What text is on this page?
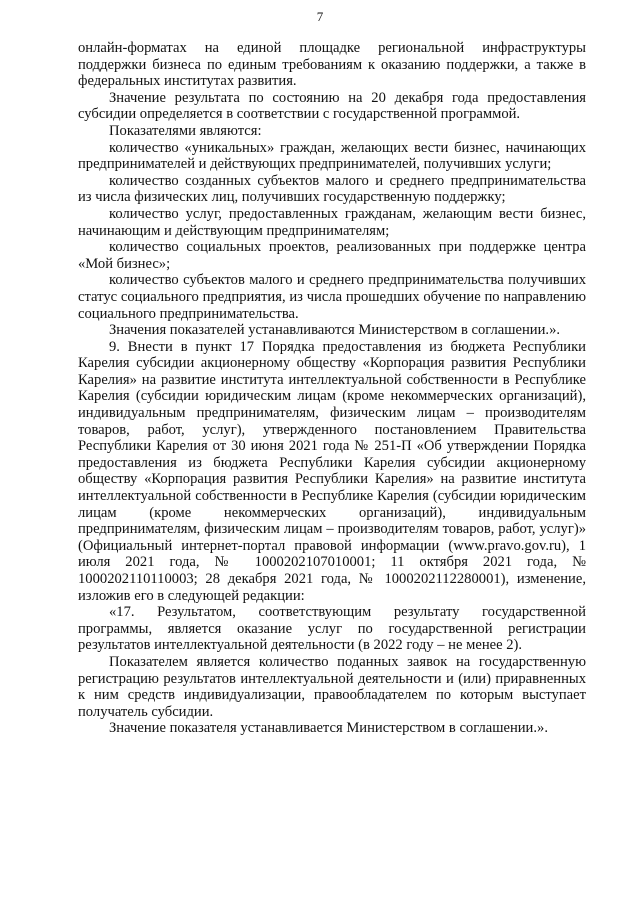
7

онлайн-форматах на единой площадке региональной инфраструктуры поддержки бизнеса по единым требованиям к оказанию поддержки, а также в федеральных институтах развития.

Значение результата по состоянию на 20 декабря года предоставления субсидии определяется в соответствии с государственной программой.

Показателями являются:

количество «уникальных» граждан, желающих вести бизнес, начинающих предпринимателей и действующих предпринимателей, получивших услуги;

количество созданных субъектов малого и среднего предпринимательства из числа физических лиц, получивших государственную поддержку;

количество услуг, предоставленных гражданам, желающим вести бизнес, начинающим и действующим предпринимателям;

количество социальных проектов, реализованных при поддержке центра «Мой бизнес»;

количество субъектов малого и среднего предпринимательства получивших статус социального предприятия, из числа прошедших обучение по направлению социального предпринимательства.

Значения показателей устанавливаются Министерством в соглашении.».

9. Внести в пункт 17 Порядка предоставления из бюджета Республики Карелия субсидии акционерному обществу «Корпорация развития Республики Карелия» на развитие института интеллектуальной собственности в Республике Карелия (субсидии юридическим лицам (кроме некоммерческих организаций), индивидуальным предпринимателям, физическим лицам – производителям товаров, работ, услуг), утвержденного постановлением Правительства Республики Карелия от 30 июня 2021 года № 251-П «Об утверждении Порядка предоставления из бюджета Республики Карелия субсидии акционерному обществу «Корпорация развития Республики Карелия» на развитие института интеллектуальной собственности в Республике Карелия (субсидии юридическим лицам (кроме некоммерческих организаций), индивидуальным предпринимателям, физическим лицам – производителям товаров, работ, услуг)» (Официальный интернет-портал правовой информации (www.pravo.gov.ru), 1 июля 2021 года, № 1000202107010001; 11 октября 2021 года, № 1000202110110003; 28 декабря 2021 года, № 1000202112280001), изменение, изложив его в следующей редакции:

«17. Результатом, соответствующим результату государственной программы, является оказание услуг по государственной регистрации результатов интеллектуальной деятельности (в 2022 году – не менее 2).

Показателем является количество поданных заявок на государственную регистрацию результатов интеллектуальной деятельности и (или) приравненных к ним средств индивидуализации, правообладателем по которым выступает получатель субсидии.

Значение показателя устанавливается Министерством в соглашении.».
